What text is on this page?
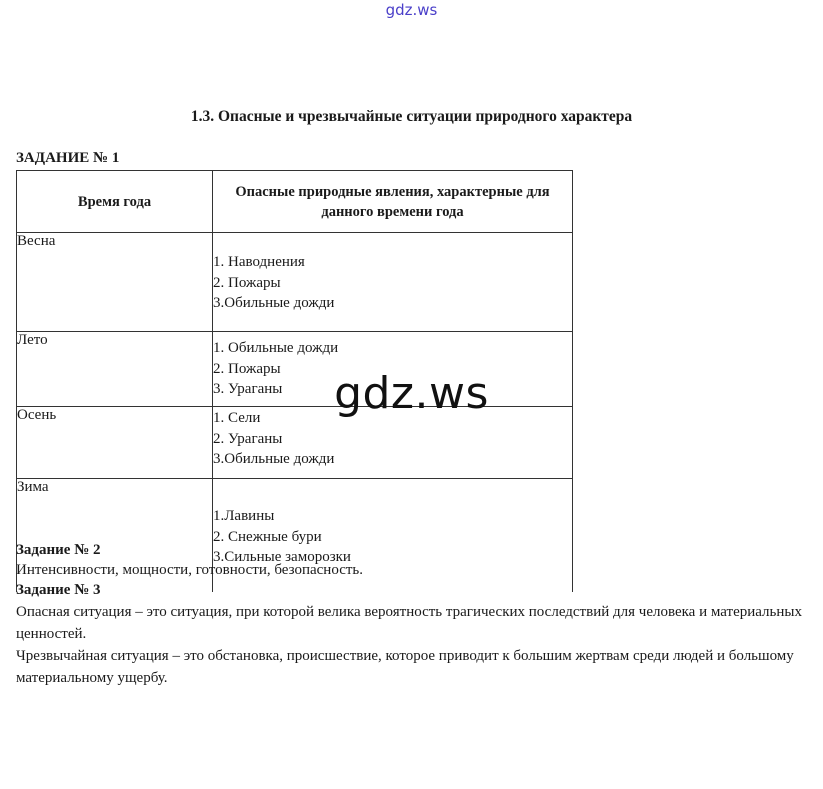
gdz.ws
1.3. Опасные и чрезвычайные ситуации природного характера
ЗАДАНИЕ № 1
Время года	Опасные природные явления, характерные для данного времени года
Весна	1. Наводнения
2. Пожары
3.Обильные дожди

Лето	1. Обильные дожди
2. Пожары
3. Ураганы

Осень	1. Сели
2. Ураганы
3.Обильные дожди

Зима	1.Лавины
2. Снежные бури
3.Сильные заморозки
gdz.ws
Задание № 2
Интенсивности, мощности, готовности, безопасность.
Задание № 3
Опасная ситуация – это ситуация, при которой велика вероятность трагических последствий для человека и материальных ценностей.
Чрезвычайная ситуация – это обстановка, происшествие, которое приводит к большим жертвам среди людей и большому материальному ущербу.
